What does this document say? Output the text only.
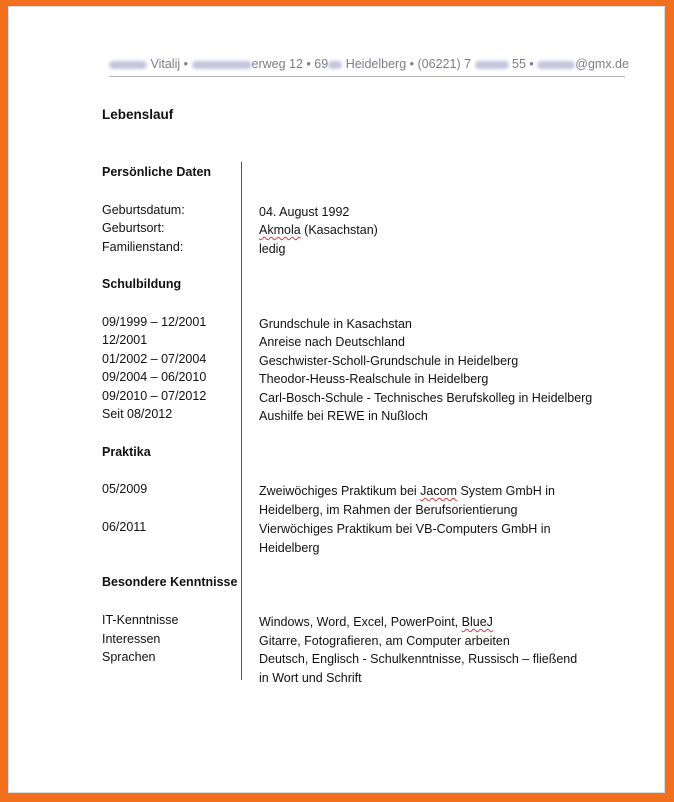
Vitalij •	erweg 12 • 69 Heidelberg • (06221) 7	55 •	@gmx.de
Lebenslauf
Persönliche Daten
Geburtsdatum:	04. August 1992
Geburtsort:	Akmola (Kasachstan)
Familienstand:	ledig
Schulbildung
09/1999 – 12/2001	Grundschule in Kasachstan
12/2001	Anreise nach Deutschland
01/2002 – 07/2004	Geschwister-Scholl-Grundschule in Heidelberg
09/2004 – 06/2010	Theodor-Heuss-Realschule in Heidelberg
09/2010 – 07/2012	Carl-Bosch-Schule - Technisches Berufskolleg in Heidelberg
Seit 08/2012	Aushilfe bei REWE in Nußloch
Praktika
05/2009	Zweiwöchiges Praktikum bei Jacom System GmbH in Heidelberg, im Rahmen der Berufsorientierung
06/2011	Vierwöchiges Praktikum bei VB-Computers GmbH in Heidelberg
Besondere Kenntnisse
IT-Kenntnisse	Windows, Word, Excel, PowerPoint, BlueJ
Interessen	Gitarre, Fotografieren, am Computer arbeiten
Sprachen	Deutsch, Englisch - Schulkenntnisse, Russisch – fließend in Wort und Schrift
